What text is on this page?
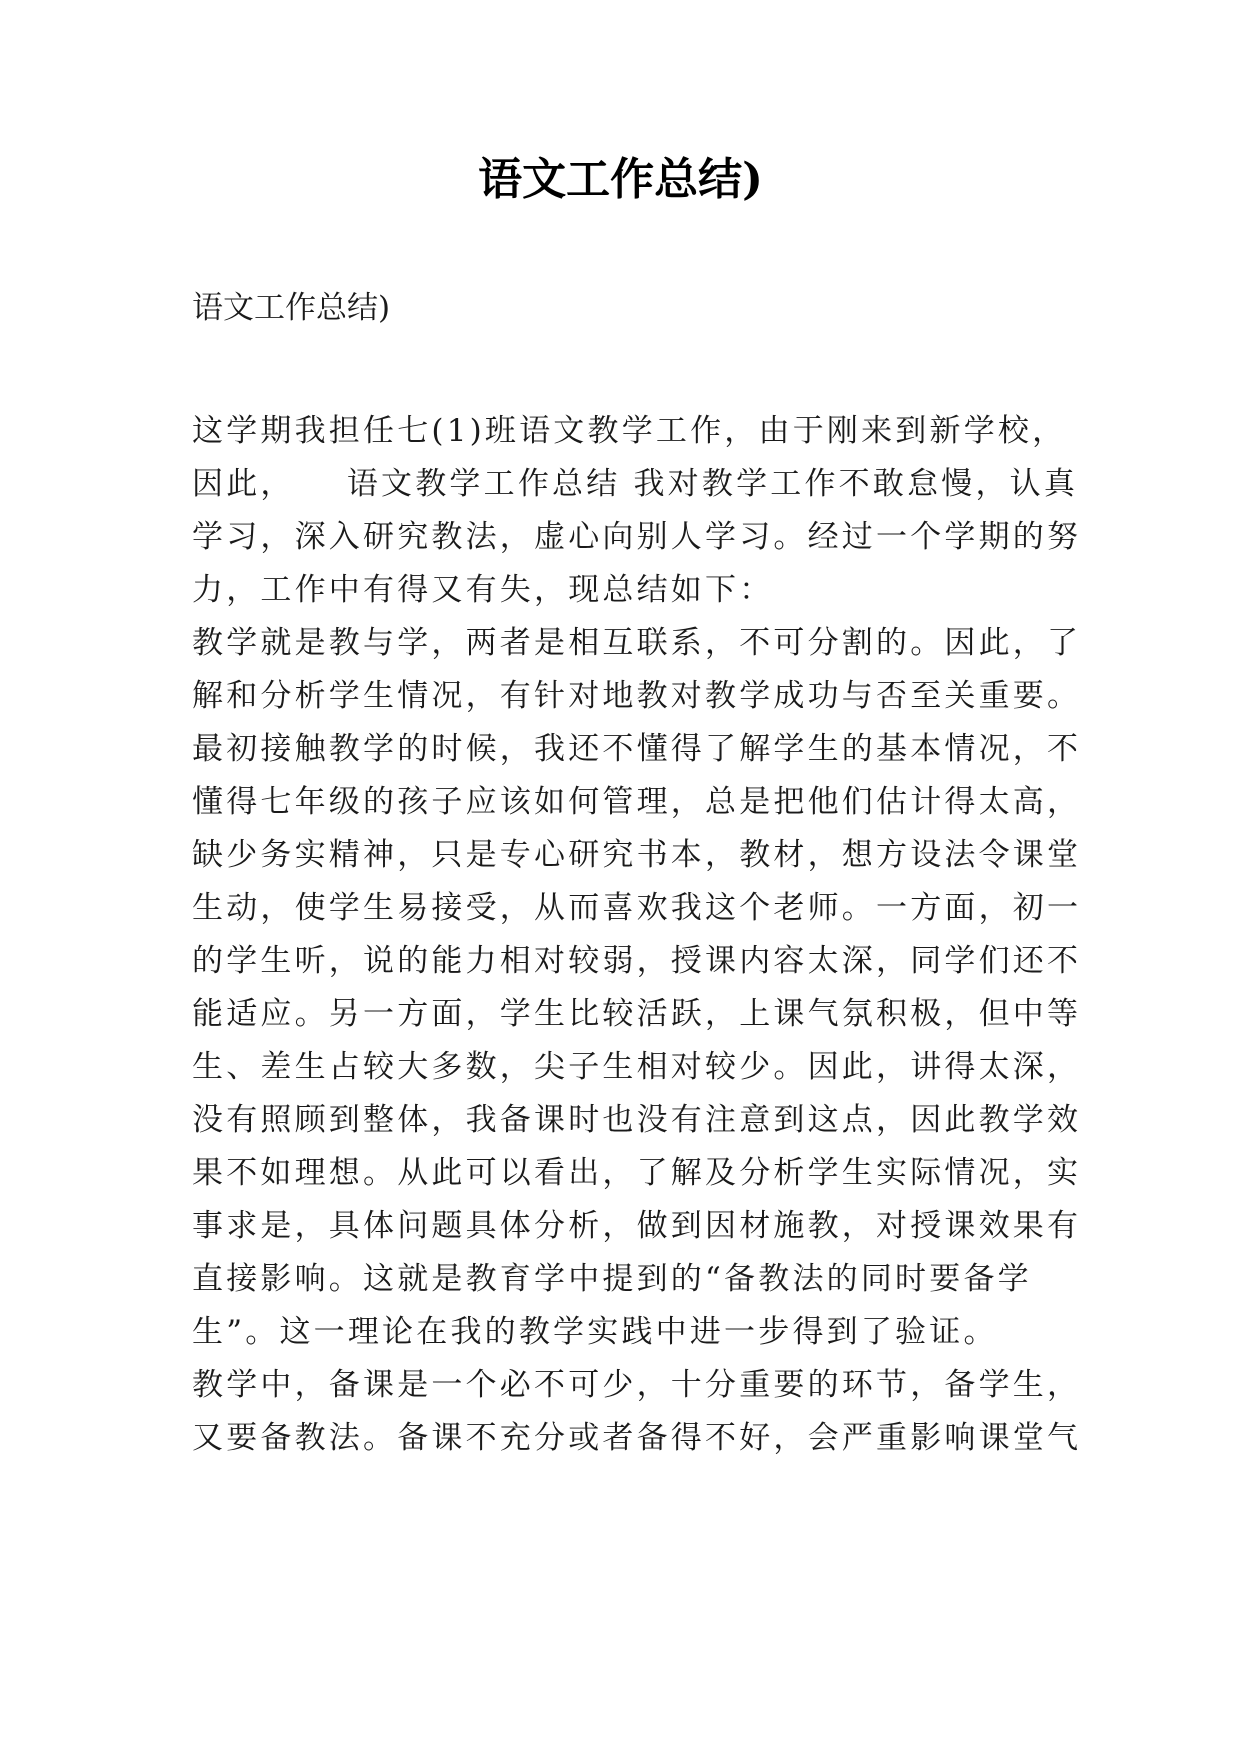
语文工作总结)

语文工作总结)

这学期我担任七(1)班语文教学工作，由于刚来到新学校，
因此，    语文教学工作总结 我对教学工作不敢怠慢，认真
学习，深入研究教法，虚心向别人学习。经过一个学期的努
力，工作中有得又有失，现总结如下：
教学就是教与学，两者是相互联系，不可分割的。因此，了
解和分析学生情况，有针对地教对教学成功与否至关重要。
最初接触教学的时候，我还不懂得了解学生的基本情况，不
懂得七年级的孩子应该如何管理，总是把他们估计得太高，
缺少务实精神，只是专心研究书本，教材，想方设法令课堂
生动，使学生易接受，从而喜欢我这个老师。一方面，初一
的学生听，说的能力相对较弱，授课内容太深，同学们还不
能适应。另一方面，学生比较活跃，上课气氛积极，但中等
生、差生占较大多数，尖子生相对较少。因此，讲得太深，
没有照顾到整体，我备课时也没有注意到这点，因此教学效
果不如理想。从此可以看出，了解及分析学生实际情况，实
事求是，具体问题具体分析，做到因材施教，对授课效果有
直接影响。这就是教育学中提到的“备教法的同时要备学
生”。这一理论在我的教学实践中进一步得到了验证。
教学中，备课是一个必不可少，十分重要的环节，备学生，
又要备教法。备课不充分或者备得不好，会严重影响课堂气
